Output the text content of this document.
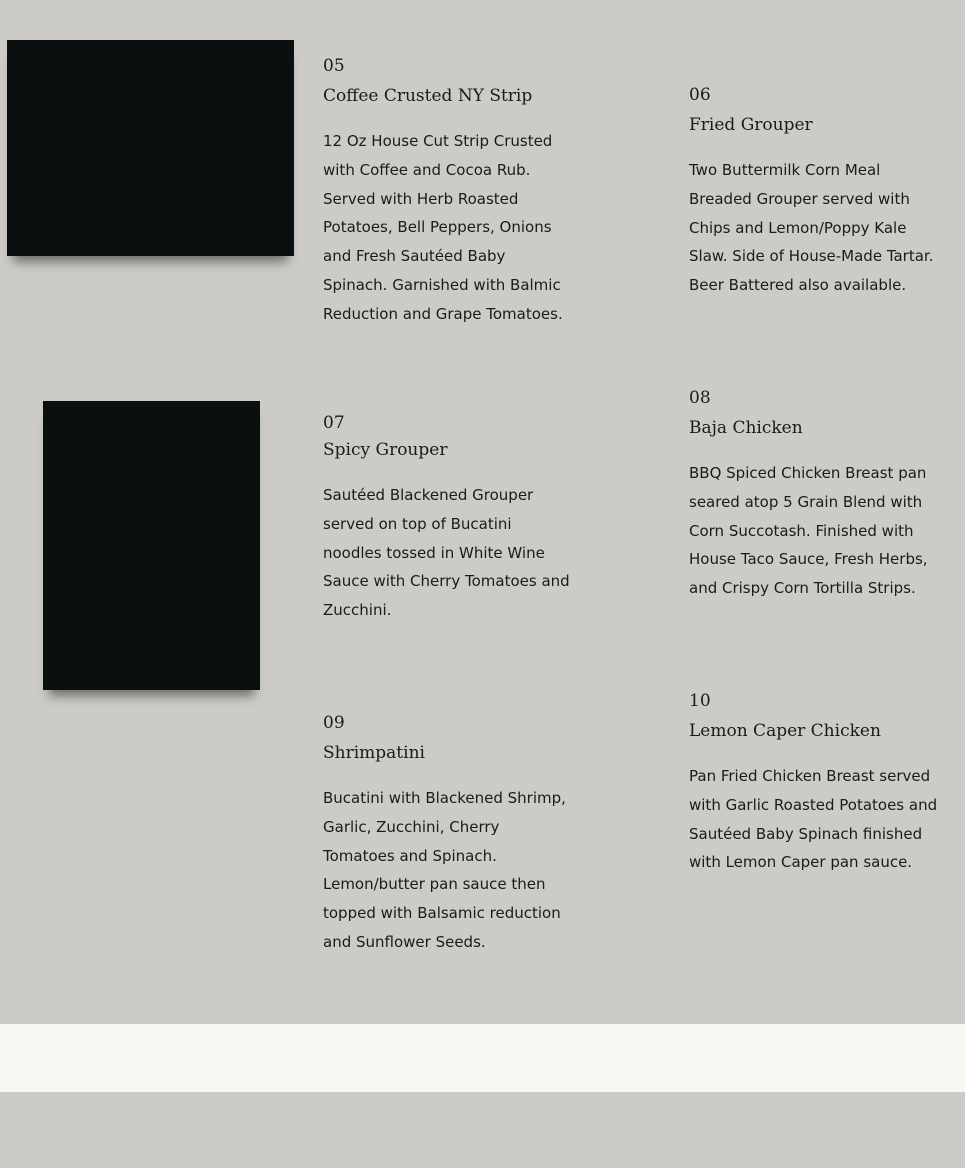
05
Coffee Crusted NY Strip
12 Oz House Cut Strip Crusted
with Coffee and Cocoa Rub.
Served with Herb Roasted
Potatoes, Bell Peppers, Onions
and Fresh Sautéed Baby
Spinach. Garnished with Balmic
Reduction and Grape Tomatoes.
06
Fried Grouper
Two Buttermilk Corn Meal
Breaded Grouper served with
Chips and Lemon/Poppy Kale
Slaw. Side of House-Made Tartar.
Beer Battered also available.
07
Spicy Grouper
Sautéed Blackened Grouper
served on top of Bucatini
noodles tossed in White Wine
Sauce with Cherry Tomatoes and
Zucchini.
08
Baja Chicken
BBQ Spiced Chicken Breast pan
seared atop 5 Grain Blend with
Corn Succotash. Finished with
House Taco Sauce, Fresh Herbs,
and Crispy Corn Tortilla Strips.
09
Shrimpatini
Bucatini with Blackened Shrimp,
Garlic, Zucchini, Cherry
Tomatoes and Spinach.
Lemon/butter pan sauce then
topped with Balsamic reduction
and Sunflower Seeds.
10
Lemon Caper Chicken
Pan Fried Chicken Breast served
with Garlic Roasted Potatoes and
Sautéed Baby Spinach finished
with Lemon Caper pan sauce.
